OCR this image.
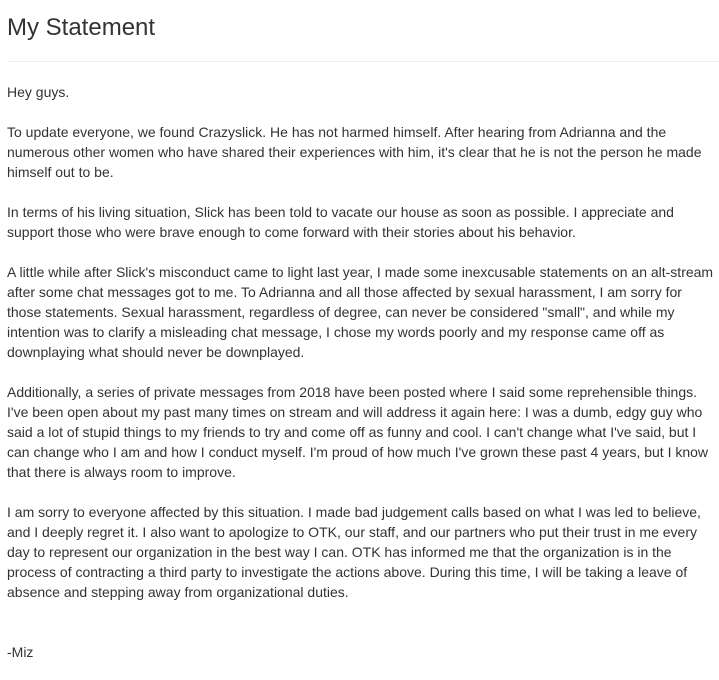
My Statement

Hey guys.

To update everyone, we found Crazyslick. He has not harmed himself. After hearing from Adrianna and the numerous other women who have shared their experiences with him, it's clear that he is not the person he made himself out to be.

In terms of his living situation, Slick has been told to vacate our house as soon as possible. I appreciate and support those who were brave enough to come forward with their stories about his behavior.

A little while after Slick's misconduct came to light last year, I made some inexcusable statements on an alt-stream after some chat messages got to me. To Adrianna and all those affected by sexual harassment, I am sorry for those statements. Sexual harassment, regardless of degree, can never be considered "small", and while my intention was to clarify a misleading chat message, I chose my words poorly and my response came off as downplaying what should never be downplayed.

Additionally, a series of private messages from 2018 have been posted where I said some reprehensible things. I've been open about my past many times on stream and will address it again here: I was a dumb, edgy guy who said a lot of stupid things to my friends to try and come off as funny and cool. I can't change what I've said, but I can change who I am and how I conduct myself. I'm proud of how much I've grown these past 4 years, but I know that there is always room to improve.

I am sorry to everyone affected by this situation. I made bad judgement calls based on what I was led to believe, and I deeply regret it. I also want to apologize to OTK, our staff, and our partners who put their trust in me every day to represent our organization in the best way I can. OTK has informed me that the organization is in the process of contracting a third party to investigate the actions above. During this time, I will be taking a leave of absence and stepping away from organizational duties.

-Miz
